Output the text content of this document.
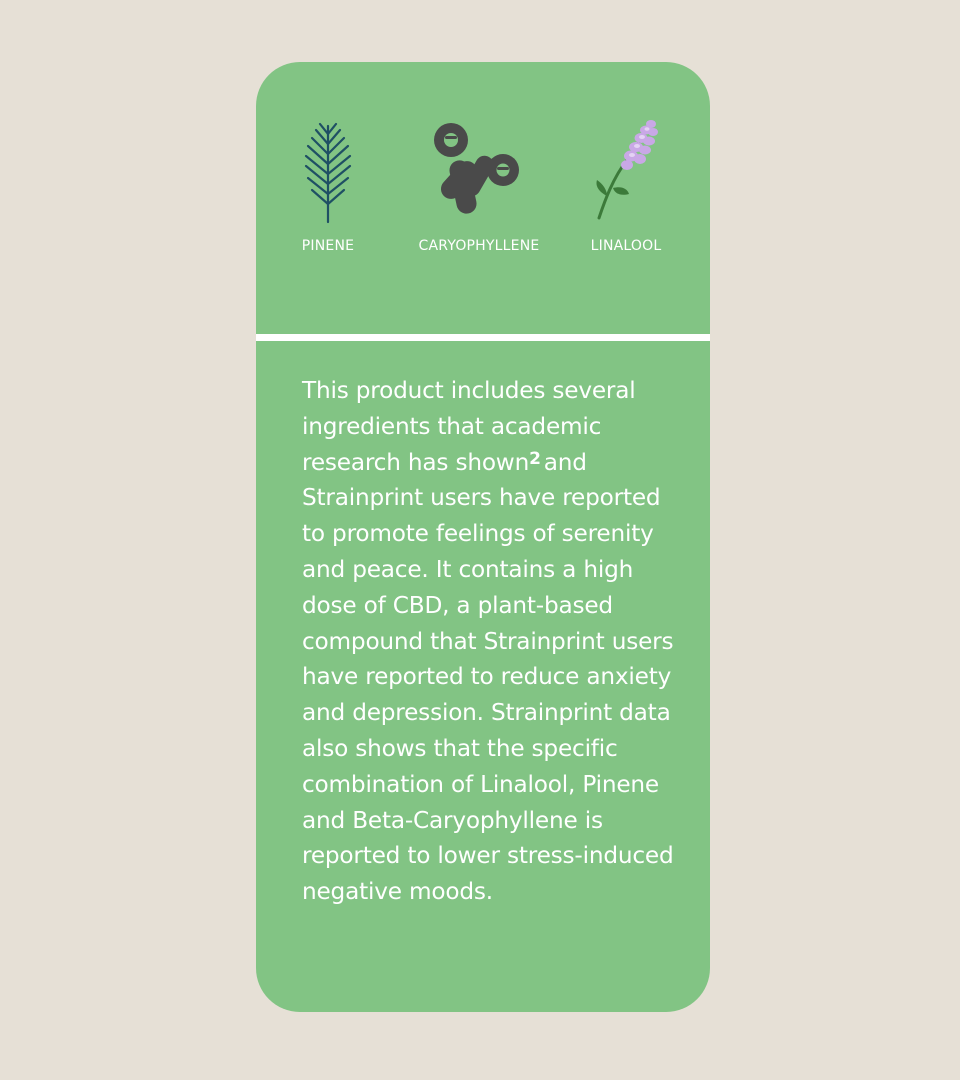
PINENE	CARYOPHYLLENE	LINALOOL

This product includes several ingredients that academic research has shown$^2$ and Strainprint users have reported to promote feelings of serenity and peace. It contains a high dose of CBD, a plant-based compound that Strainprint users have reported to reduce anxiety and depression. Strainprint data also shows that the specific combination of Linalool, Pinene and Beta-Caryophyllene is reported to lower stress-induced negative moods.
